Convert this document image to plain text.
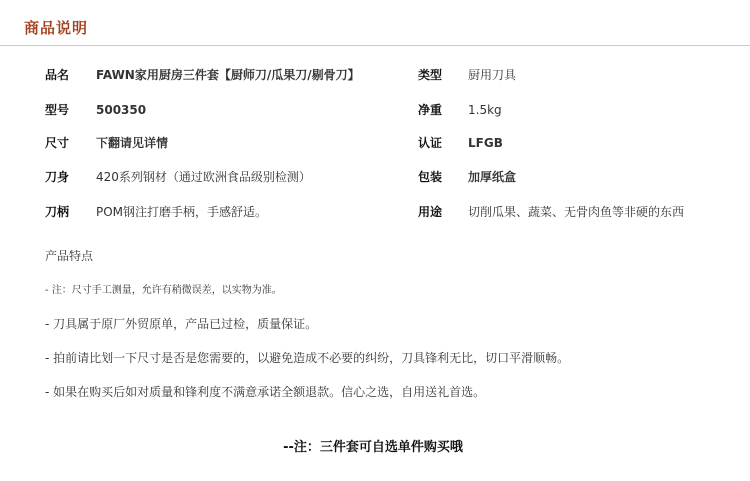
商品说明
品名 FAWN家用厨房三件套【厨师刀/瓜果刀/剔骨刀】	类型 厨用刀具
型号 500350	净重 1.5kg
尺寸 下翻请见详情	认证 LFGB
刀身 420系列钢材（通过欧洲食品级别检测）	包装 加厚纸盒
刀柄 POM钢注打磨手柄，手感舒适。	用途 切削瓜果、蔬菜、无骨肉鱼等非硬的东西
产品特点
- 注：尺寸手工测量，允许有稍微误差，以实物为准。
- 刀具属于原厂外贸原单，产品已过检，质量保证。
- 拍前请比划一下尺寸是否是您需要的，以避免造成不必要的纠纷，刀具锋利无比，切口平滑顺畅。
- 如果在购买后如对质量和锋利度不满意承诺全额退款。信心之选，自用送礼首选。
--注：三件套可自选单件购买哦
